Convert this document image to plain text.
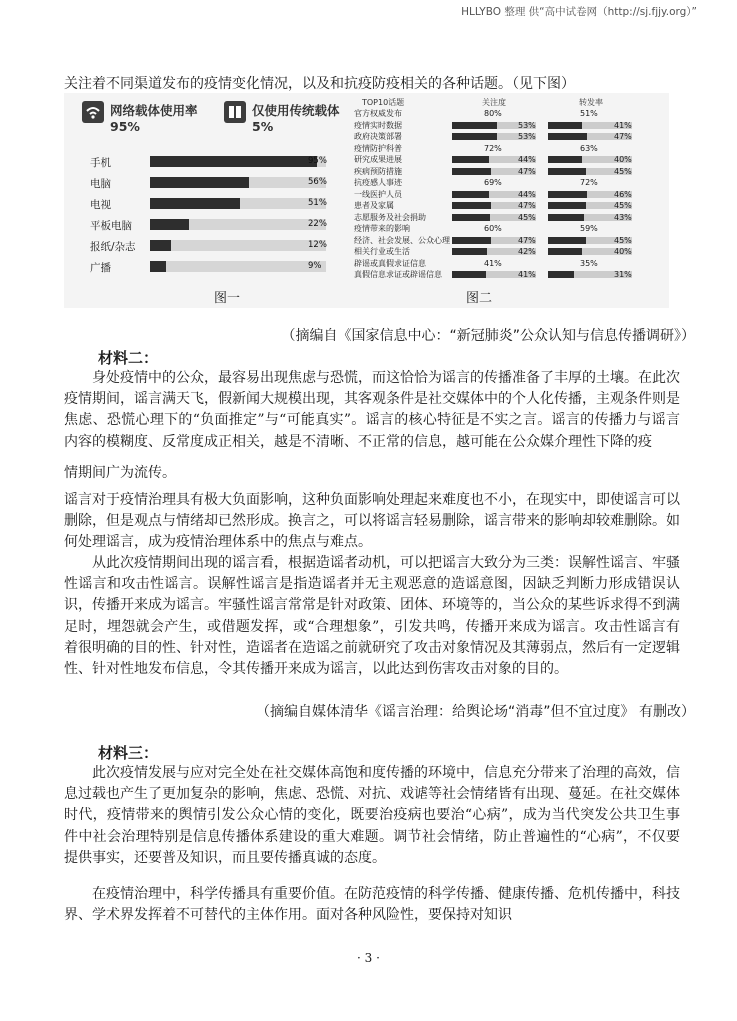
HLLYBO 整理 供“高中试卷网（http://sj.fjjy.org）”

关注着不同渠道发布的疫情变化情况，以及和抗疫防疫相关的各种话题。（见下图）

网络载体使用率
95%
仅使用传统载体
5%
手机	95%
电脑	56%
电视	51%
平板电脑	22%
报纸/杂志	12%
广播	9%
图一
TOP10话题	关注度	转发率
官方权威发布	80%	51%
疫情实时数据	53%	41%
政府决策部署	53%	47%
疫情防护科普	72%	63%
研究成果进展	44%	40%
疾病预防措施	47%	45%
抗疫感人事迹	69%	72%
一线医护人员	44%	46%
患者及家属	47%	45%
志愿服务及社会捐助	45%	43%
疫情带来的影响	60%	59%
经济、社会发展、公众心理	47%	45%
相关行业或生活	42%	40%
辟谣或真假求证信息	41%	35%
真假信息求证或辟谣信息	41%	31%
图二
（摘编自《国家信息中心：“新冠肺炎”公众认知与信息传播调研》）
材料二：

身处疫情中的公众，最容易出现焦虑与恐慌，而这恰恰为谣言的传播准备了丰厚的土壤。在此次疫情期间，谣言满天飞，假新闻大规模出现，其客观条件是社交媒体中的个人化传播，主观条件则是焦虑、恐慌心理下的“负面推定”与“可能真实”。谣言的核心特征是不实之言。谣言的传播力与谣言内容的模糊度、反常度成正相关，越是不清晰、不正常的信息，越可能在公众媒介理性下降的疫

情期间广为流传。

谣言对于疫情治理具有极大负面影响，这种负面影响处理起来难度也不小，在现实中，即使谣言可以删除，但是观点与情绪却已然形成。换言之，可以将谣言轻易删除，谣言带来的影响却较难删除。如何处理谣言，成为疫情治理体系中的焦点与难点。

从此次疫情期间出现的谣言看，根据造谣者动机，可以把谣言大致分为三类：误解性谣言、牢骚性谣言和攻击性谣言。误解性谣言是指造谣者并无主观恶意的造谣意图，因缺乏判断力形成错误认识，传播开来成为谣言。牢骚性谣言常常是针对政策、团体、环境等的，当公众的某些诉求得不到满足时，埋怨就会产生，或借题发挥，或“合理想象”，引发共鸣，传播开来成为谣言。攻击性谣言有着很明确的目的性、针对性，造谣者在造谣之前就研究了攻击对象情况及其薄弱点，然后有一定逻辑性、针对性地发布信息，令其传播开来成为谣言，以此达到伤害攻击对象的目的。

（摘编自媒体清华《谣言治理：给舆论场“消毒”但不宜过度》 有删改）
材料三：

此次疫情发展与应对完全处在社交媒体高饱和度传播的环境中，信息充分带来了治理的高效，信息过载也产生了更加复杂的影响，焦虑、恐慌、对抗、戏谑等社会情绪皆有出现、蔓延。在社交媒体时代，疫情带来的舆情引发公众心情的变化，既要治疫病也要治“心病”，成为当代突发公共卫生事件中社会治理特别是信息传播体系建设的重大难题。调节社会情绪，防止普遍性的“心病”，不仅要提供事实，还要普及知识，而且要传播真诚的态度。

在疫情治理中，科学传播具有重要价值。在防范疫情的科学传播、健康传播、危机传播中，科技界、学术界发挥着不可替代的主体作用。面对各种风险性，要保持对知识

· 3 ·
